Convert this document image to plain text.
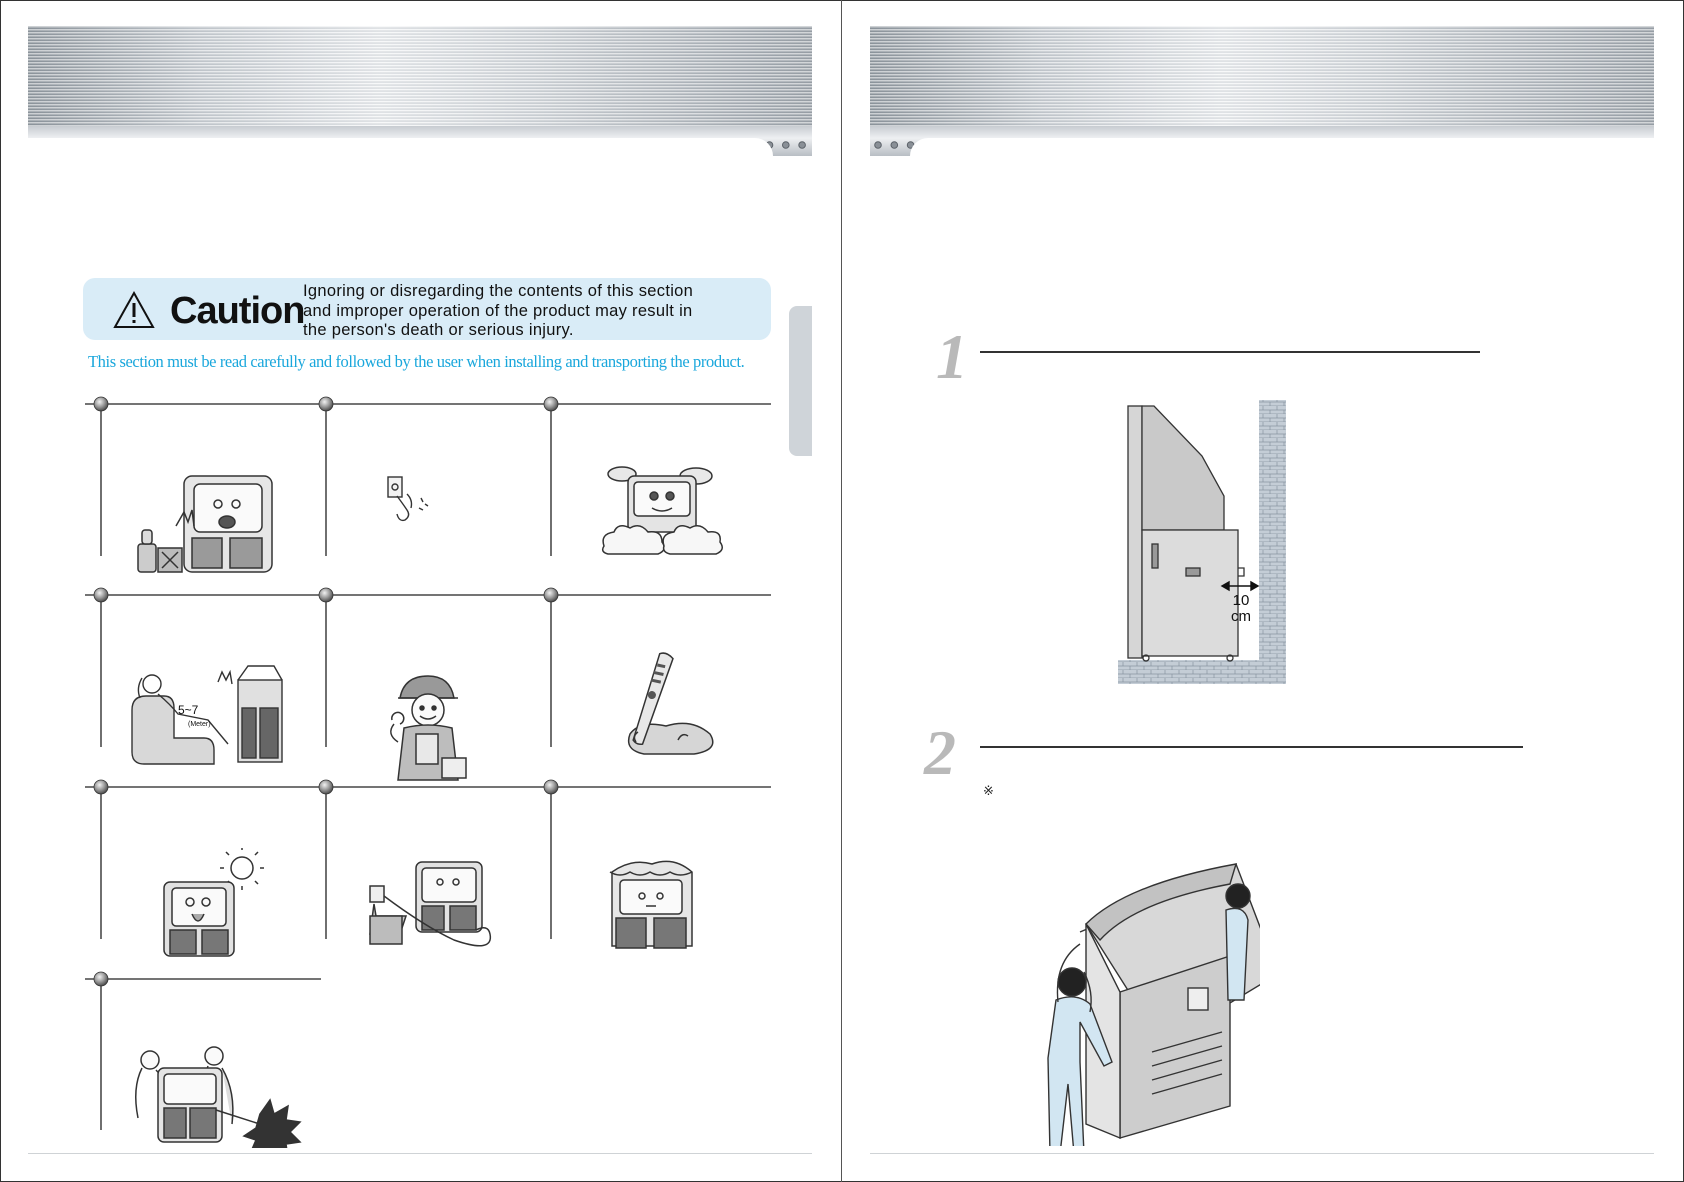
Caution
Ignoring or disregarding the contents of this section
and improper operation of the product may result in
the person's death or serious injury.
This section must be read carefully and followed by the user when installing and transporting the product.
5~7
(Meter)
1
2
※
10
cm
